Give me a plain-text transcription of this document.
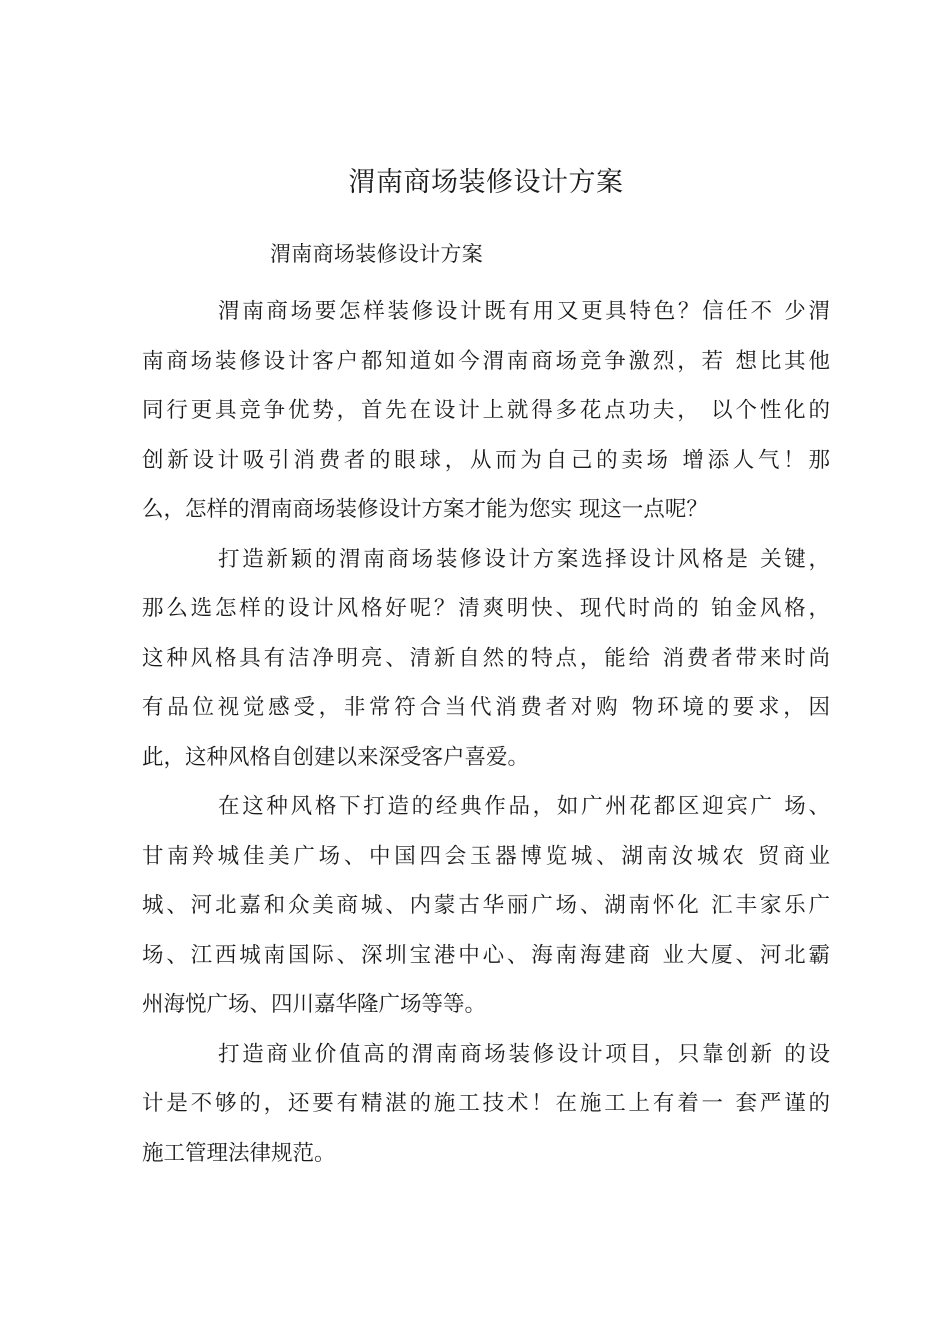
渭南商场装修设计方案

渭南商场装修设计方案

渭南商场要怎样装修设计既有用又更具特色？信任不 少渭
南商场装修设计客户都知道如今渭南商场竞争激烈，若 想比其他
同行更具竞争优势，首先在设计上就得多花点功夫， 以个性化的
创新设计吸引消费者的眼球，从而为自己的卖场 增添人气！那
么，怎样的渭南商场装修设计方案才能为您实 现这一点呢？
打造新颖的渭南商场装修设计方案选择设计风格是 关键，
那么选怎样的设计风格好呢？清爽明快、现代时尚的 铂金风格，
这种风格具有洁净明亮、清新自然的特点，能给 消费者带来时尚
有品位视觉感受，非常符合当代消费者对购 物环境的要求，因
此，这种风格自创建以来深受客户喜爱。
在这种风格下打造的经典作品，如广州花都区迎宾广 场、
甘南羚城佳美广场、中国四会玉器博览城、湖南汝城农 贸商业
城、河北嘉和众美商城、内蒙古华丽广场、湖南怀化 汇丰家乐广
场、江西城南国际、深圳宝港中心、海南海建商 业大厦、河北霸
州海悦广场、四川嘉华隆广场等等。
打造商业价值高的渭南商场装修设计项目，只靠创新 的设
计是不够的，还要有精湛的施工技术！在施工上有着一 套严谨的
施工管理法律规范。
